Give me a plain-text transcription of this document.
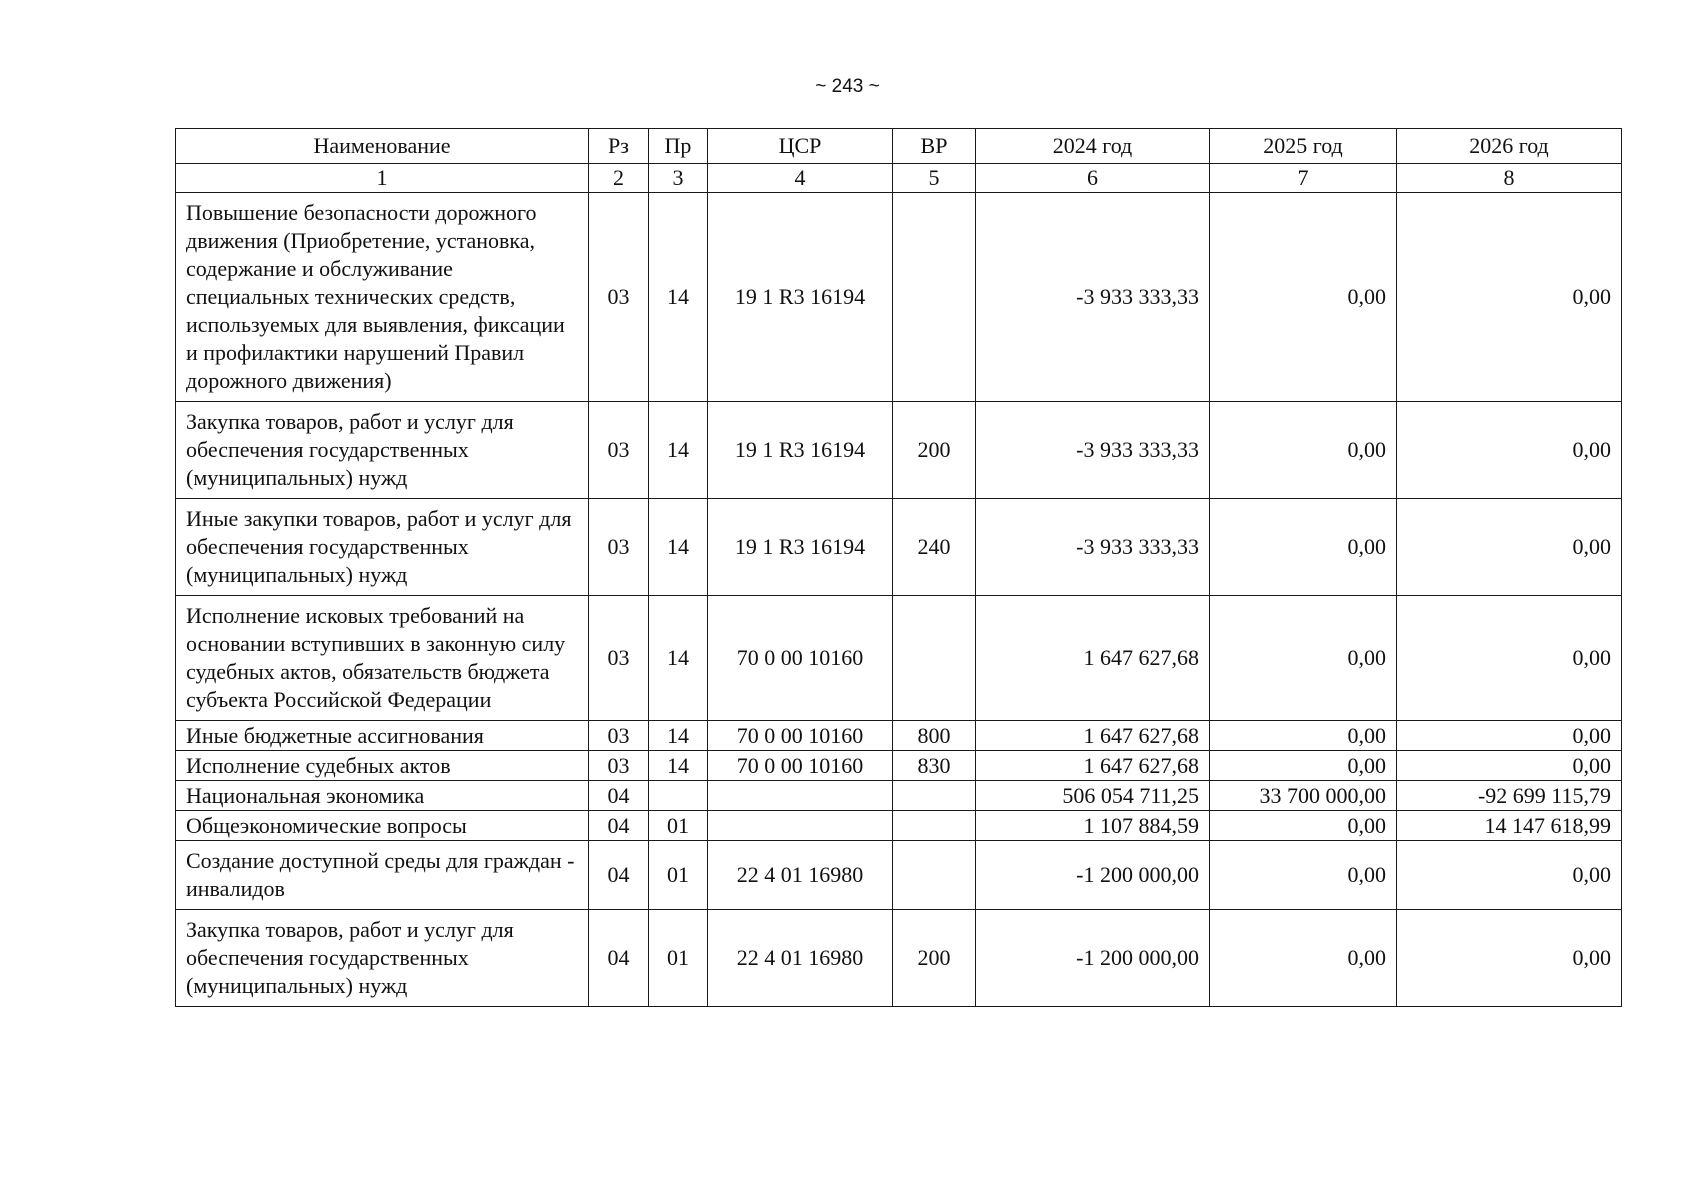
~ 243 ~
Наименование	Рз	Пр	ЦСР	ВР	2024 год	2025 год	2026 год
1	2	3	4	5	6	7	8
Повышение безопасности дорожного движения (Приобретение, установка, содержание и обслуживание специальных технических средств, используемых для выявления, фиксации и профилактики нарушений Правил дорожного движения)	03	14	19 1 R3 16194		-3 933 333,33	0,00	0,00
Закупка товаров, работ и услуг для обеспечения государственных (муниципальных) нужд	03	14	19 1 R3 16194	200	-3 933 333,33	0,00	0,00
Иные закупки товаров, работ и услуг для обеспечения государственных (муниципальных) нужд	03	14	19 1 R3 16194	240	-3 933 333,33	0,00	0,00
Исполнение исковых требований на основании вступивших в законную силу судебных актов, обязательств бюджета субъекта Российской Федерации	03	14	70 0 00 10160		1 647 627,68	0,00	0,00
Иные бюджетные ассигнования	03	14	70 0 00 10160	800	1 647 627,68	0,00	0,00
Исполнение судебных актов	03	14	70 0 00 10160	830	1 647 627,68	0,00	0,00
Национальная экономика	04				506 054 711,25	33 700 000,00	-92 699 115,79
Общеэкономические вопросы	04	01			1 107 884,59	0,00	14 147 618,99
Создание доступной среды для граждан - инвалидов	04	01	22 4 01 16980		-1 200 000,00	0,00	0,00
Закупка товаров, работ и услуг для обеспечения государственных (муниципальных) нужд	04	01	22 4 01 16980	200	-1 200 000,00	0,00	0,00
